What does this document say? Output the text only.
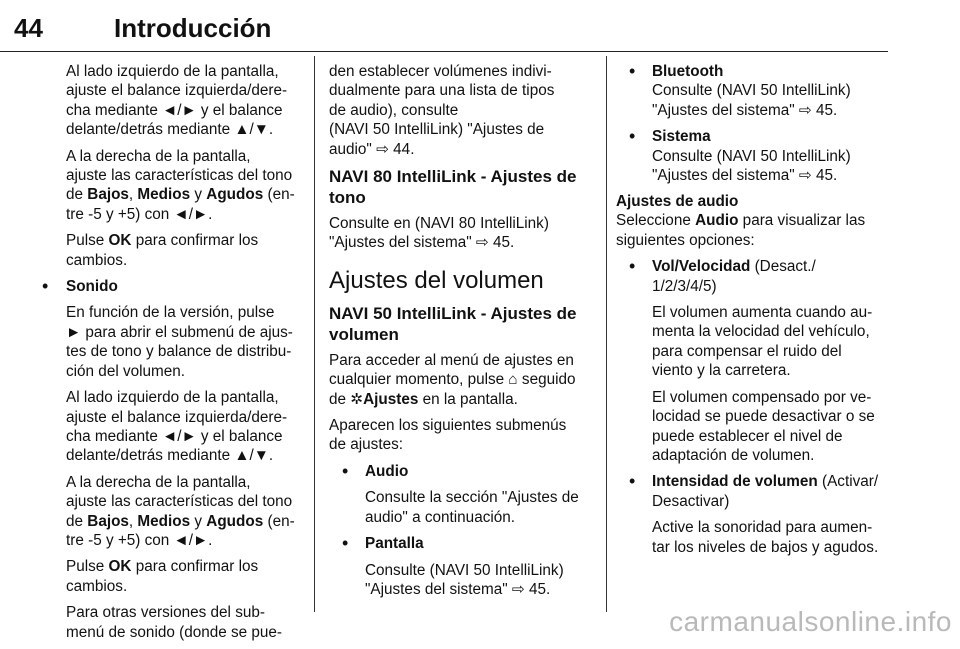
44	Introducción

Al lado izquierdo de la pantalla,
ajuste el balance izquierda/dere-
cha mediante ◄/► y el balance
delante/detrás mediante ▲/▼.

A la derecha de la pantalla,
ajuste las características del tono
de Bajos, Medios y Agudos (en-
tre -5 y +5) con ◄/►.

Pulse OK para confirmar los
cambios.

• Sonido

En función de la versión, pulse
► para abrir el submenú de ajus-
tes de tono y balance de distribu-
ción del volumen.

Al lado izquierdo de la pantalla,
ajuste el balance izquierda/dere-
cha mediante ◄/► y el balance
delante/detrás mediante ▲/▼.

A la derecha de la pantalla,
ajuste las características del tono
de Bajos, Medios y Agudos (en-
tre -5 y +5) con ◄/►.

Pulse OK para confirmar los
cambios.

Para otras versiones del sub-
menú de sonido (donde se pue-

den establecer volúmenes indivi-
dualmente para una lista de tipos
de audio), consulte
(NAVI 50 IntelliLink) "Ajustes de
audio" ⇨ 44.

NAVI 80 IntelliLink - Ajustes de
tono

Consulte en (NAVI 80 IntelliLink)
"Ajustes del sistema" ⇨ 45.

Ajustes del volumen
NAVI 50 IntelliLink - Ajustes de
volumen

Para acceder al menú de ajustes en
cualquier momento, pulse ⌂ seguido
de ✲Ajustes en la pantalla.

Aparecen los siguientes submenús
de ajustes:

• Audio

Consulte la sección "Ajustes de
audio" a continuación.

• Pantalla

Consulte (NAVI 50 IntelliLink)
"Ajustes del sistema" ⇨ 45.

• Bluetooth

Consulte (NAVI 50 IntelliLink)
"Ajustes del sistema" ⇨ 45.

• Sistema

Consulte (NAVI 50 IntelliLink)
"Ajustes del sistema" ⇨ 45.

Ajustes de audio

Seleccione Audio para visualizar las
siguientes opciones:

• Vol/Velocidad (Desact./
1/2/3/4/5)

El volumen aumenta cuando au-
menta la velocidad del vehículo,
para compensar el ruido del
viento y la carretera.

El volumen compensado por ve-
locidad se puede desactivar o se
puede establecer el nivel de
adaptación de volumen.

• Intensidad de volumen (Activar/
Desactivar)

Active la sonoridad para aumen-
tar los niveles de bajos y agudos.

carmanualsonline.info
